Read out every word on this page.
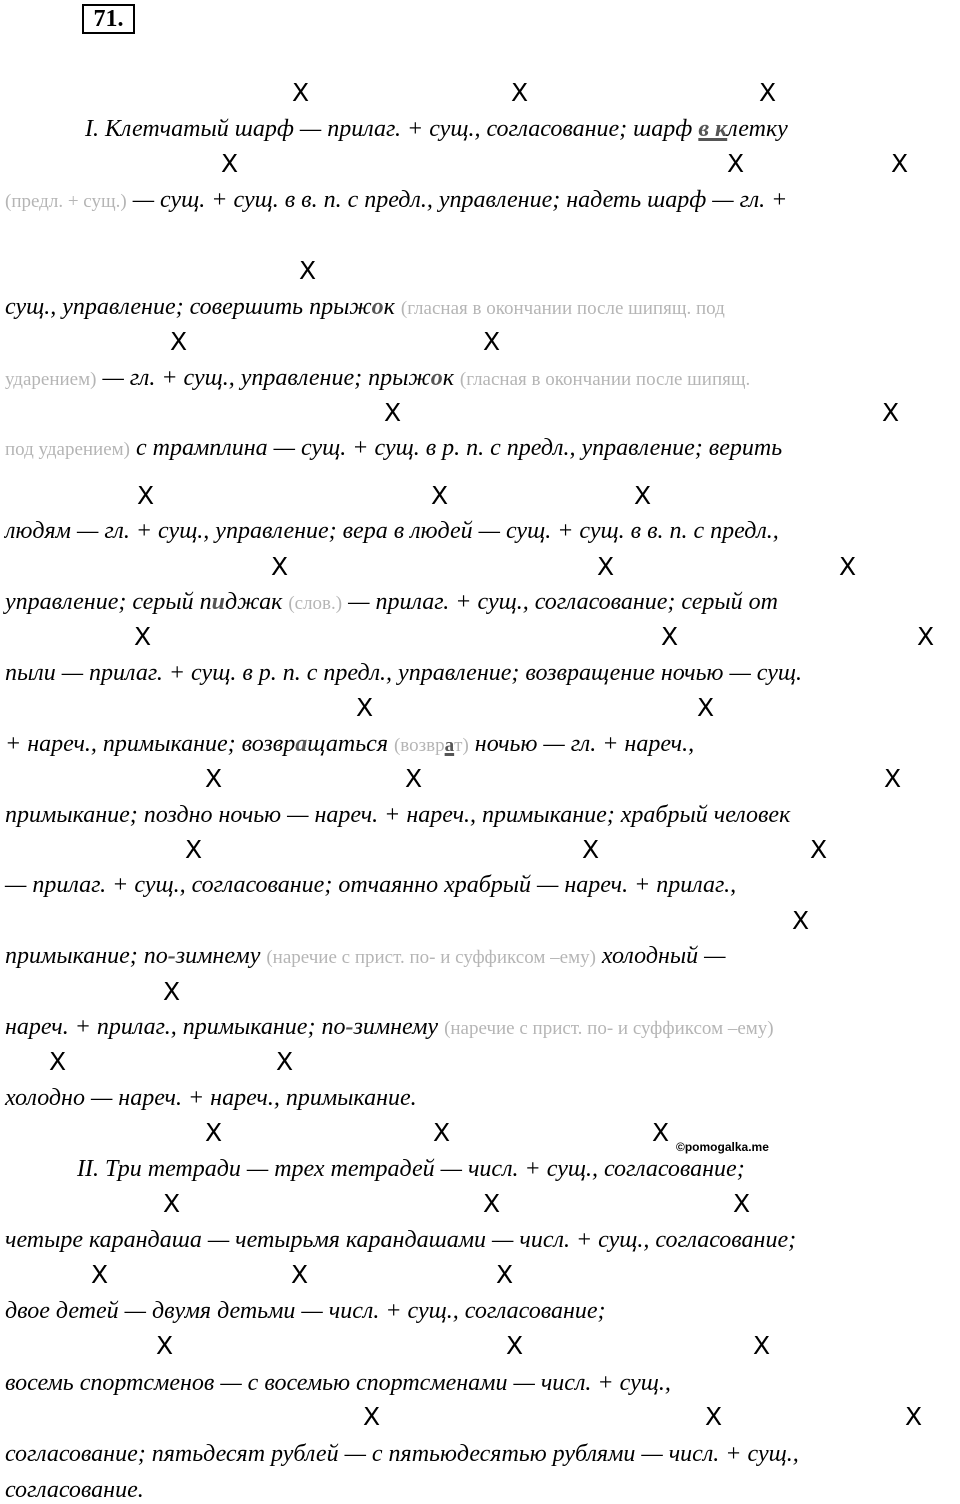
71.
I. Клетчатый шарф — прилаг. + сущ., согласование; шарф в клетку
(предл. + сущ.) — сущ. + сущ. в в. п. с предл., управление; надеть шарф — гл. +
сущ., управление; совершить прыжок (гласная в окончании после шипящ. под
ударением) — гл. + сущ., управление; прыжок (гласная в окончании после шипящ.
под ударением) с трамплина — сущ. + сущ. в р. п. с предл., управление; верить
людям — гл. + сущ., управление; вера в людей — сущ. + сущ. в в. п. с предл.,
управление; серый пиджак (слов.) — прилаг. + сущ., согласование; серый от
пыли — прилаг. + сущ. в р. п. с предл., управление; возвращение ночью — сущ.
+ нареч., примыкание; возвращаться (возврат) ночью — гл. + нареч.,
примыкание; поздно ночью — нареч. + нареч., примыкание; храбрый человек
— прилаг. + сущ., согласование; отчаянно храбрый — нареч. + прилаг.,
примыкание; по-зимнему (наречие с прист. по- и суффиксом –ему) холодный —
нареч. + прилаг., примыкание; по-зимнему (наречие с прист. по- и суффиксом –ему)
холодно — нареч. + нареч., примыкание.
II. Три тетради — трех тетрадей — числ. + сущ., согласование;
четыре карандаша — четырьмя карандашами — числ. + сущ., согласование;
двое детей — двумя детьми — числ. + сущ., согласование;
восемь спортсменов — с восемью спортсменами — числ. + сущ.,
согласование; пятьдесят рублей — с пятьюдесятью рублями — числ. + сущ.,
согласование.
X	X	X
X	X	X
X
X	X
X	X
X	X	X
X	X	X
X	X	X
X	X
X	X	X
X	X	X
X
X
X	X
X	X	X
X	X	X
X	X	X
X	X	X
X	X	X
©pomogalka.me
